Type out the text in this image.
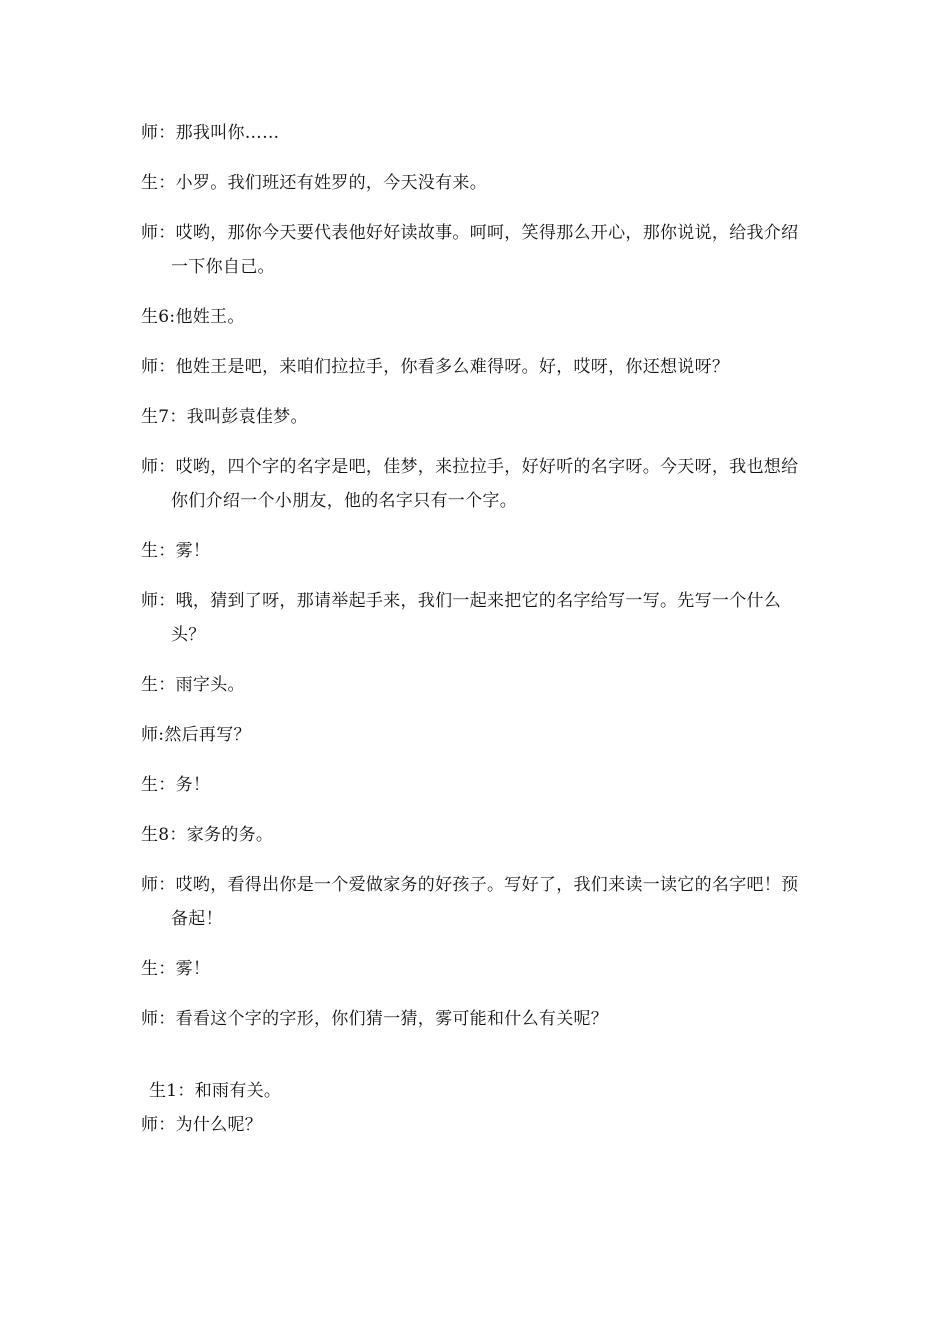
师：那我叫你……

生：小罗。我们班还有姓罗的，今天没有来。

师：哎哟，那你今天要代表他好好读故事。呵呵，笑得那么开心，那你说说，给我介绍一下你自己。

生6:他姓王。

师：他姓王是吧，来咱们拉拉手，你看多么难得呀。好，哎呀，你还想说呀？

生7：我叫彭袁佳梦。

师：哎哟，四个字的名字是吧，佳梦，来拉拉手，好好听的名字呀。今天呀，我也想给你们介绍一个小朋友，他的名字只有一个字。

生：雾！

师：哦，猜到了呀，那请举起手来，我们一起来把它的名字给写一写。先写一个什么头？

生：雨字头。

师:然后再写？

生：务！

生8：家务的务。

师：哎哟，看得出你是一个爱做家务的好孩子。写好了，我们来读一读它的名字吧！预备起！

生：雾！

师：看看这个字的字形，你们猜一猜，雾可能和什么有关呢？

生1：和雨有关。

师：为什么呢？
